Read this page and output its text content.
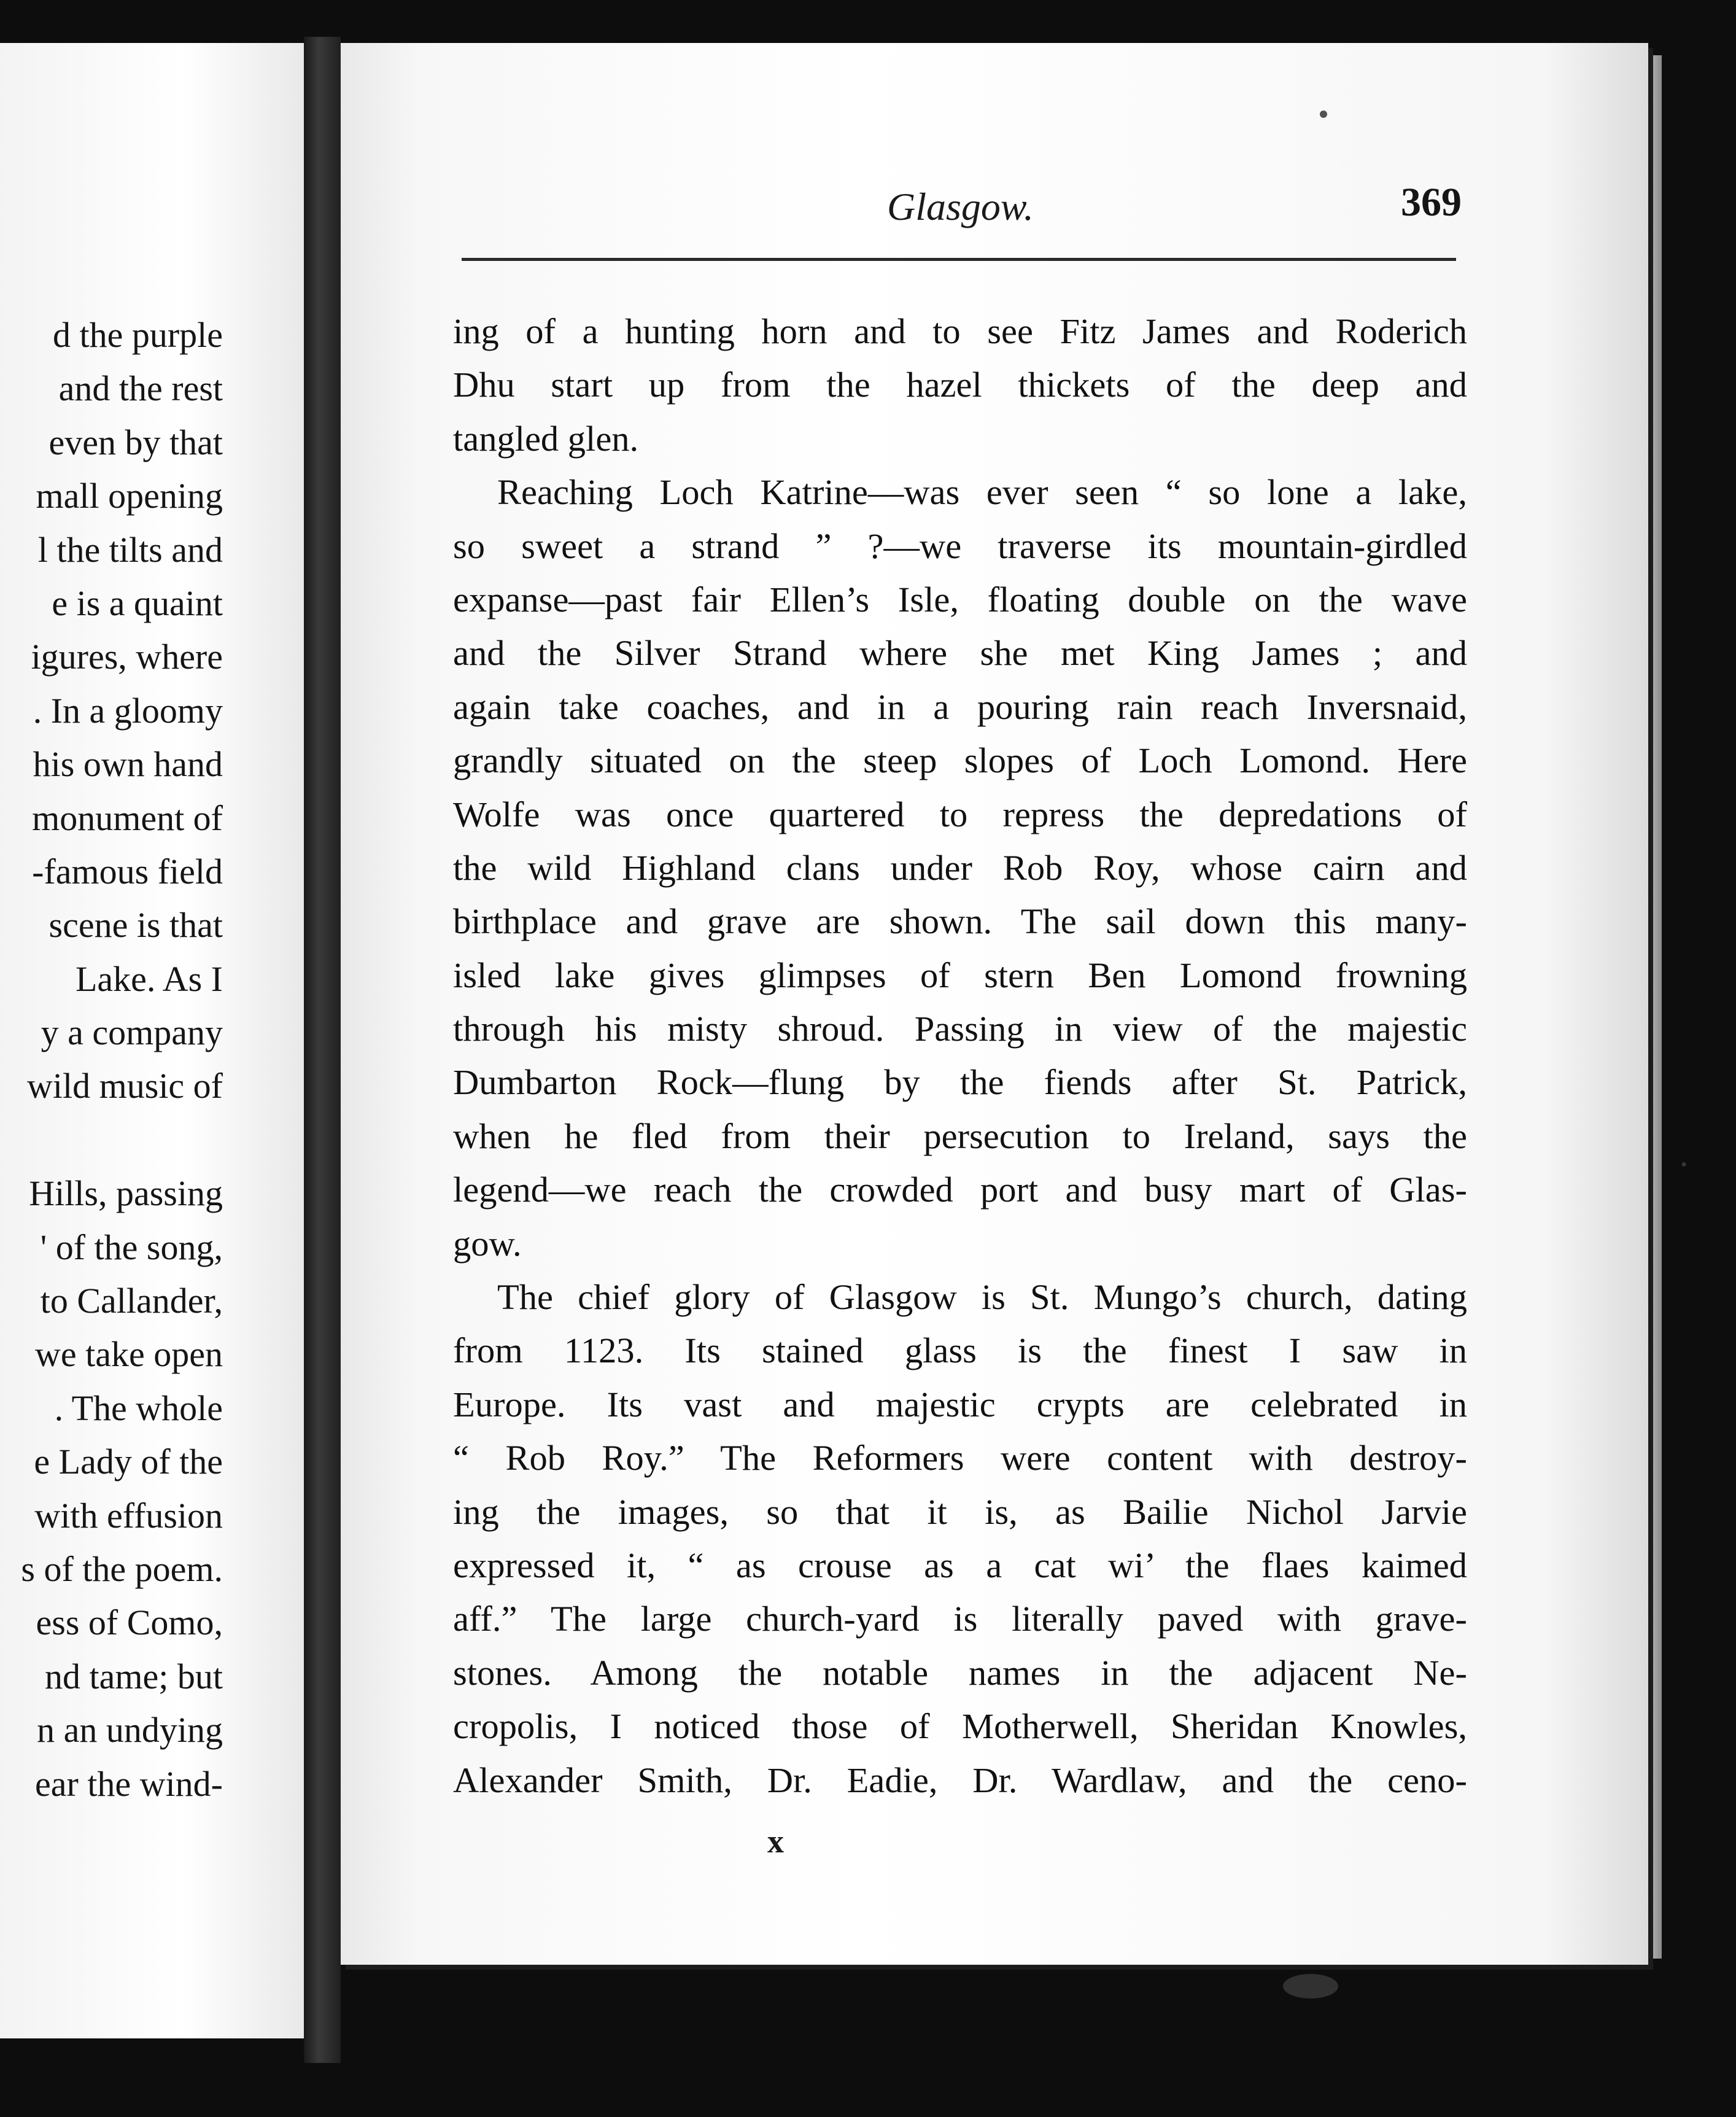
d the purple
and the rest
even by that
mall opening
l the tilts and
e is a quaint
igures, where
. In a gloomy
his own hand
monument of
-famous field
scene is that
Lake. As I
y a company
wild music of
Hills, passing
' of the song,
to Callander,
we take open
. The whole
e Lady of the
with effusion
s of the poem.
ess of Como,
nd tame; but
n an undying
ear the wind-
Glasgow.	369
ing of a hunting horn and to see Fitz James and Roderich
Dhu start up from the hazel thickets of the deep and
tangled glen.
Reaching Loch Katrine—was ever seen “ so lone a lake,
so sweet a strand ” ?—we traverse its mountain-girdled
expanse—past fair Ellen’s Isle, floating double on the wave
and the Silver Strand where she met King James ; and
again take coaches, and in a pouring rain reach Inversnaid,
grandly situated on the steep slopes of Loch Lomond. Here
Wolfe was once quartered to repress the depredations of
the wild Highland clans under Rob Roy, whose cairn and
birthplace and grave are shown. The sail down this many-
isled lake gives glimpses of stern Ben Lomond frowning
through his misty shroud. Passing in view of the majestic
Dumbarton Rock—flung by the fiends after St. Patrick,
when he fled from their persecution to Ireland, says the
legend—we reach the crowded port and busy mart of Glas-
gow.
The chief glory of Glasgow is St. Mungo’s church, dating
from 1123. Its stained glass is the finest I saw in
Europe. Its vast and majestic crypts are celebrated in
“ Rob Roy.” The Reformers were content with destroy-
ing the images, so that it is, as Bailie Nichol Jarvie
expressed it, “ as crouse as a cat wi’ the flaes kaimed
aff.” The large church-yard is literally paved with grave-
stones. Among the notable names in the adjacent Ne-
cropolis, I noticed those of Motherwell, Sheridan Knowles,
Alexander Smith, Dr. Eadie, Dr. Wardlaw, and the ceno-
x
